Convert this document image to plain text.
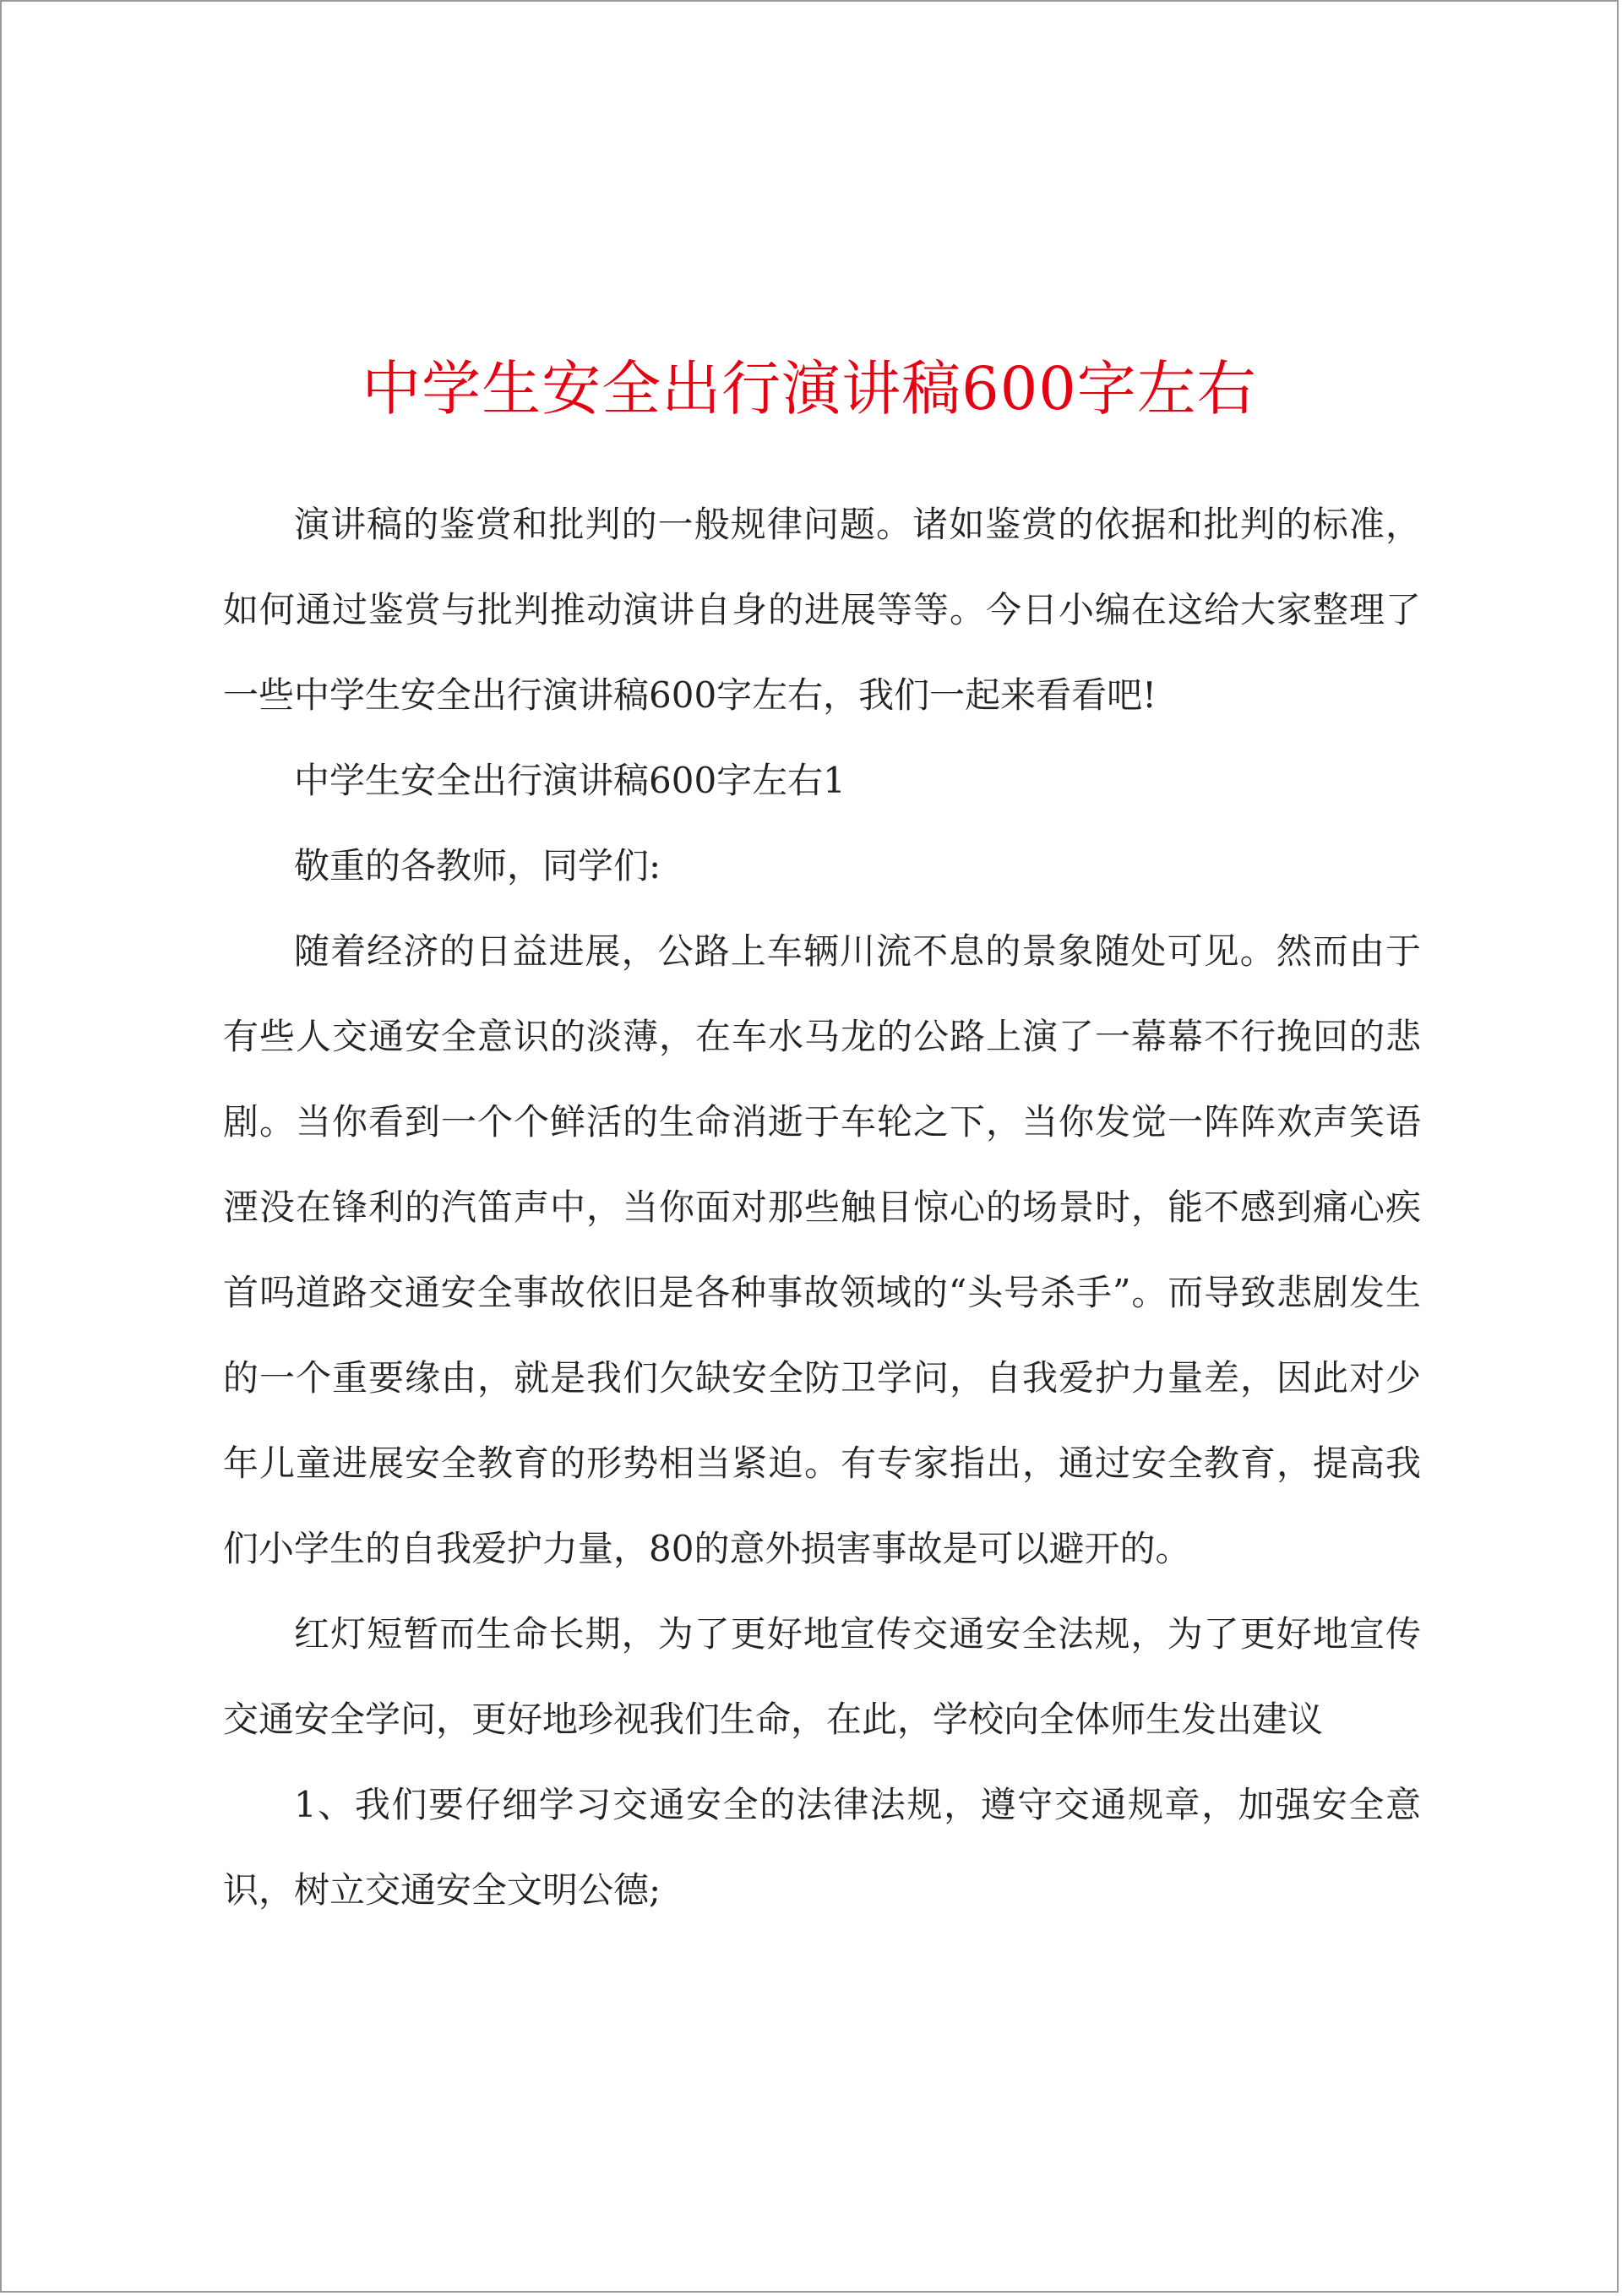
中学生安全出行演讲稿600字左右

演讲稿的鉴赏和批判的一般规律问题。诸如鉴赏的依据和批判的标准，如何通过鉴赏与批判推动演讲自身的进展等等。今日小编在这给大家整理了一些中学生安全出行演讲稿600字左右，我们一起来看看吧!

中学生安全出行演讲稿600字左右1

敬重的各教师，同学们:

随着经济的日益进展，公路上车辆川流不息的景象随处可见。然而由于有些人交通安全意识的淡薄，在车水马龙的公路上演了一幕幕不行挽回的悲剧。当你看到一个个鲜活的生命消逝于车轮之下，当你发觉一阵阵欢声笑语湮没在锋利的汽笛声中，当你面对那些触目惊心的场景时，能不感到痛心疾首吗道路交通安全事故依旧是各种事故领域的“头号杀手”。而导致悲剧发生的一个重要缘由，就是我们欠缺安全防卫学问，自我爱护力量差，因此对少年儿童进展安全教育的形势相当紧迫。有专家指出，通过安全教育，提高我们小学生的自我爱护力量，80的意外损害事故是可以避开的。

红灯短暂而生命长期，为了更好地宣传交通安全法规，为了更好地宣传交通安全学问，更好地珍视我们生命，在此，学校向全体师生发出建议

1、我们要仔细学习交通安全的法律法规，遵守交通规章，加强安全意识，树立交通安全文明公德;
